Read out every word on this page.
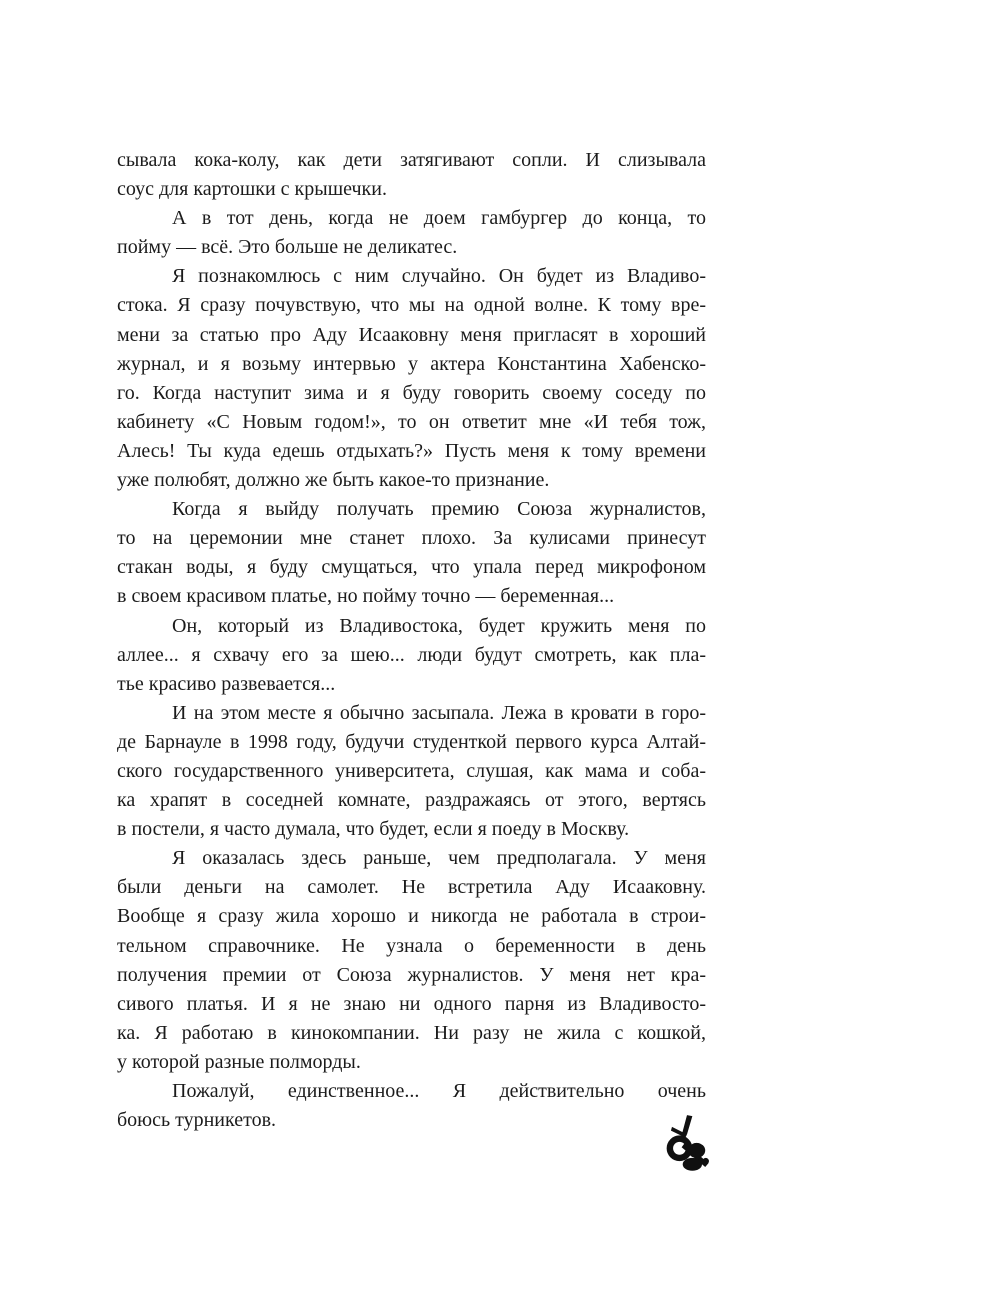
сывала кока-колу, как дети затягивают сопли. И слизывала
соус для картошки с крышечки.
А в тот день, когда не доем гамбургер до конца, то
пойму — всё. Это больше не деликатес.
Я познакомлюсь с ним случайно. Он будет из Владиво-
стока. Я сразу почувствую, что мы на одной волне. К тому вре-
мени за статью про Аду Исааковну меня пригласят в хороший
журнал, и я возьму интервью у актера Константина Хабенско-
го. Когда наступит зима и я буду говорить своему соседу по
кабинету «С Новым годом!», то он ответит мне «И тебя тож,
Алесь! Ты куда едешь отдыхать?» Пусть меня к тому времени
уже полюбят, должно же быть какое-то признание.
Когда я выйду получать премию Союза журналистов,
то на церемонии мне станет плохо. За кулисами принесут
стакан воды, я буду смущаться, что упала перед микрофоном
в своем красивом платье, но пойму точно — беременная...
Он, который из Владивостока, будет кружить меня по
аллее... я схвачу его за шею... люди будут смотреть, как пла-
тье красиво развевается...
И на этом месте я обычно засыпала. Лежа в кровати в горо-
де Барнауле в 1998 году, будучи студенткой первого курса Алтай-
ского государственного университета, слушая, как мама и соба-
ка храпят в соседней комнате, раздражаясь от этого, вертясь
в постели, я часто думала, что будет, если я поеду в Москву.
Я оказалась здесь раньше, чем предполагала. У меня
были деньги на самолет. Не встретила Аду Исааковну.
Вообще я сразу жила хорошо и никогда не работала в строи-
тельном справочнике. Не узнала о беременности в день
получения премии от Союза журналистов. У меня нет кра-
сивого платья. И я не знаю ни одного парня из Владивосто-
ка. Я работаю в кинокомпании. Ни разу не жила с кошкой,
у которой разные полморды.
Пожалуй, единственное... Я действительно очень
боюсь турникетов.
